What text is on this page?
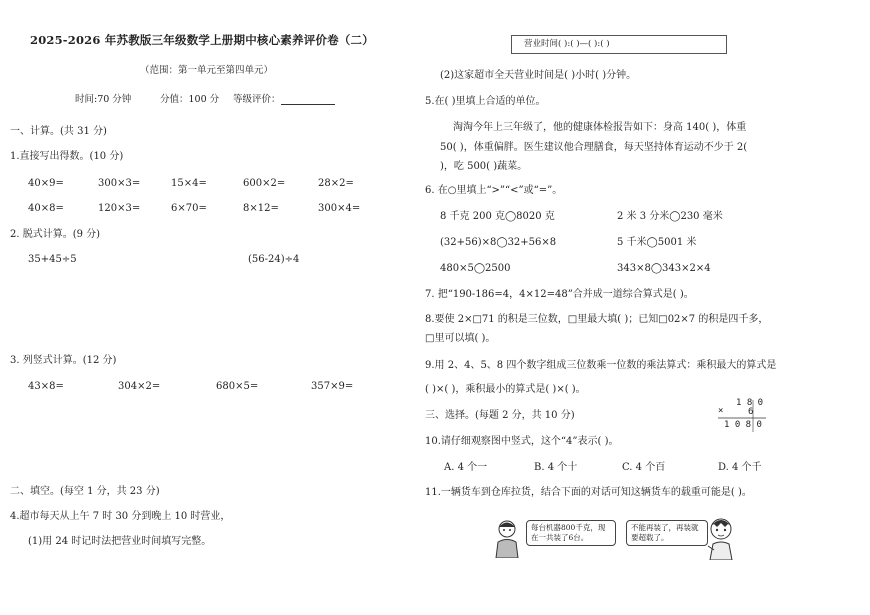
2025-2026 年苏教版三年级数学上册期中核心素养评价卷（二）
（范围：第一单元至第四单元）
时间:70 分钟	分值：100 分 等级评价：
一、计算。(共 31 分)
1.直接写出得数。(10 分)
40×9=	300×3=	15×4=	600×2=	28×2=
40×8=	120×3=	6×70=	8×12=	300×4=
2. 脱式计算。(9 分)
35+45÷5	(56-24)÷4
3. 列竖式计算。(12 分)
43×8=	304×2=	680×5=	357×9=
二、填空。(每空 1 分，共 23 分)
4.超市每天从上午 7 时 30 分到晚上 10 时营业，
(1)用 24 时记时法把营业时间填写完整。
营业时间( ):( )—( ):( )
(2)这家超市全天营业时间是( )小时( )分钟。
5.在( )里填上合适的单位。
淘淘今年上三年级了，他的健康体检报告如下：身高 140( )，体重
50( )，体重偏胖。医生建议他合理膳食，每天坚持体育运动不少于 2(
)，吃 500( )蔬菜。
6. 在○里填上“>”“<”或“=”。
8 千克 200 克◯8020 克	2 米 3 分米◯230 毫米
(32+56)×8◯32+56×8	5 千米◯5001 米
480×5◯2500	343×8◯343×2×4
7. 把“190-186=4，4×12=48”合并成一道综合算式是( )。
8.要使 2×□71 的积是三位数，□里最大填( )；已知□02×7 的积是四千多，
□里可以填( )。
9.用 2、4、5、8 四个数字组成三位数乘一位数的乘法算式：乘积最大的算式是
( )×( )，乘积最小的算式是( )×( )。
三、选择。(每题 2 分，共 10 分)
1 8 0
×	6
1 0 8 0
10.请仔细观察图中竖式，这个“4”表示( )。
A. 4 个一	B. 4 个十	C. 4 个百	D. 4 个千
11.一辆货车到仓库拉货，结合下面的对话可知这辆货车的载重可能是( )。
每台机器800千克，现在一共装了6台。
不能再装了，再装就要超载了。
